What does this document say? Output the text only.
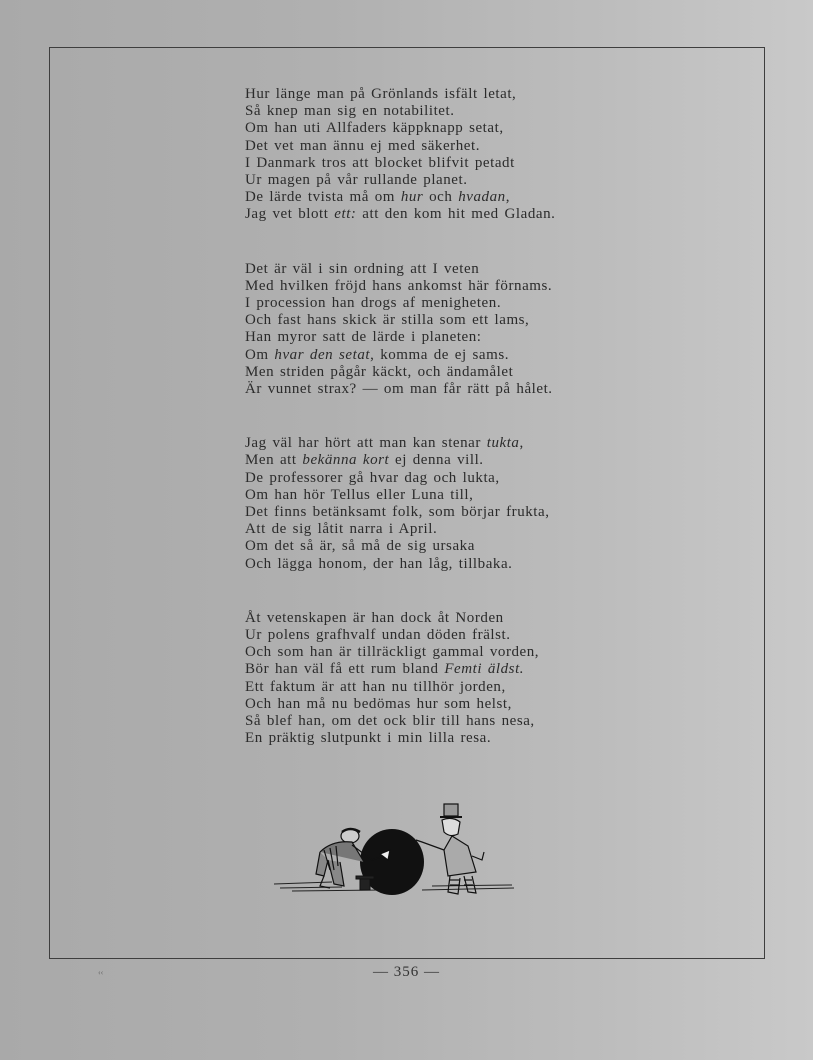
Hur länge man på Grönlands isfält letat,
Så knep man sig en notabilitet.
Om han uti Allfaders käppknapp setat,
Det vet man ännu ej med säkerhet.
I Danmark tros att blocket blifvit petadt
Ur magen på vår rullande planet.
De lärde tvista må om hur och hvadan,
Jag vet blott ett: att den kom hit med Gladan.

Det är väl i sin ordning att I veten
Med hvilken fröjd hans ankomst här förnams.
I procession han drogs af menigheten.
Och fast hans skick är stilla som ett lams,
Han myror satt de lärde i planeten:
Om hvar den setat, komma de ej sams.
Men striden pågår käckt, och ändamålet
Är vunnet strax? — om man får rätt på hålet.

Jag väl har hört att man kan stenar tukta,
Men att bekänna kort ej denna vill.
De professorer gå hvar dag och lukta,
Om han hör Tellus eller Luna till,
Det finns betänksamt folk, som börjar frukta,
Att de sig låtit narra i April.
Om det så är, så må de sig ursaka
Och lägga honom, der han låg, tillbaka.

Åt vetenskapen är han dock åt Norden
Ur polens grafhvalf undan döden frälst.
Och som han är tillräckligt gammal vorden,
Bör han väl få ett rum bland Femti äldst.
Ett faktum är att han nu tillhör jorden,
Och han må nu bedömas hur som helst,
Så blef han, om det ock blir till hans nesa,
En präktig slutpunkt i min lilla resa.

‹‹	— 356 —
